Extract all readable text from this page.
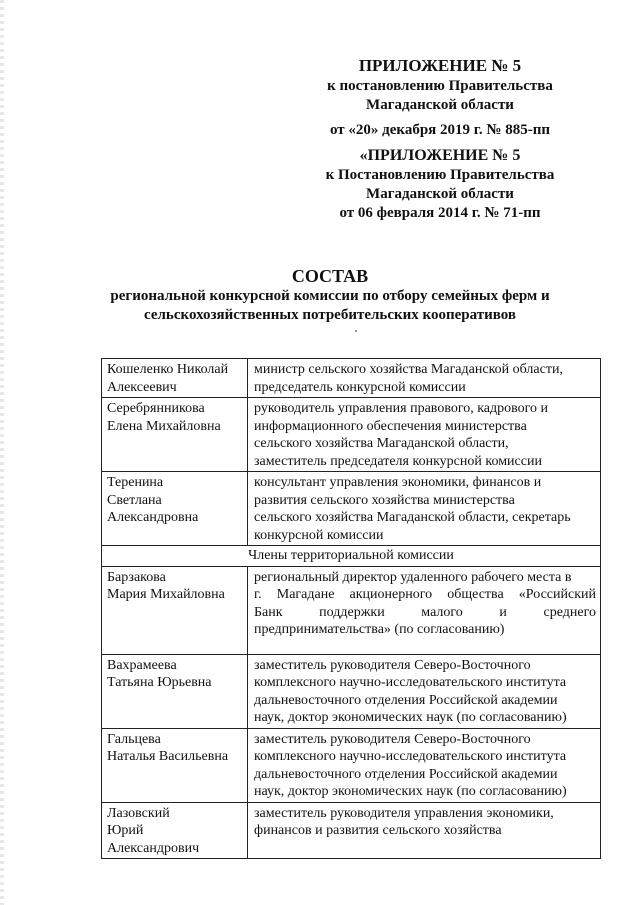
ПРИЛОЖЕНИЕ № 5
к постановлению Правительства
Магаданской области
от «20» декабря 2019 г. № 885-пп
«ПРИЛОЖЕНИЕ № 5
к Постановлению Правительства
Магаданской области
от 06 февраля 2014 г. № 71-пп
СОСТАВ
региональной конкурсной комиссии по отбору семейных ферм и
сельскохозяйственных потребительских кооперативов
Кошеленко Николай
Алексеевич	министр сельского хозяйства Магаданской области,
председатель конкурсной комиссии

Серебрянникова
Елена Михайловна	руководитель управления правового, кадрового и
информационного обеспечения министерства
сельского хозяйства Магаданской области,
заместитель председателя конкурсной комиссии

Теренина
Светлана
Александровна	консультант управления экономики, финансов и
развития сельского хозяйства министерства
сельского хозяйства Магаданской области, секретарь
конкурсной комиссии

Члены территориальной комиссии	

Барзакова
Мария Михайловна	региональный директор удаленного рабочего места в
г. Магадане акционерного общества «Российский
Банк поддержки малого и среднего
предпринимательства» (по согласованию)

Вахрамеева
Татьяна Юрьевна	заместитель руководителя Северо-Восточного
комплексного научно-исследовательского института
дальневосточного отделения Российской академии
наук, доктор экономических наук (по согласованию)

Гальцева
Наталья Васильевна	заместитель руководителя Северо-Восточного
комплексного научно-исследовательского института
дальневосточного отделения Российской академии
наук, доктор экономических наук (по согласованию)

Лазовский
Юрий
Александрович	заместитель руководителя управления экономики,
финансов и развития сельского хозяйства
